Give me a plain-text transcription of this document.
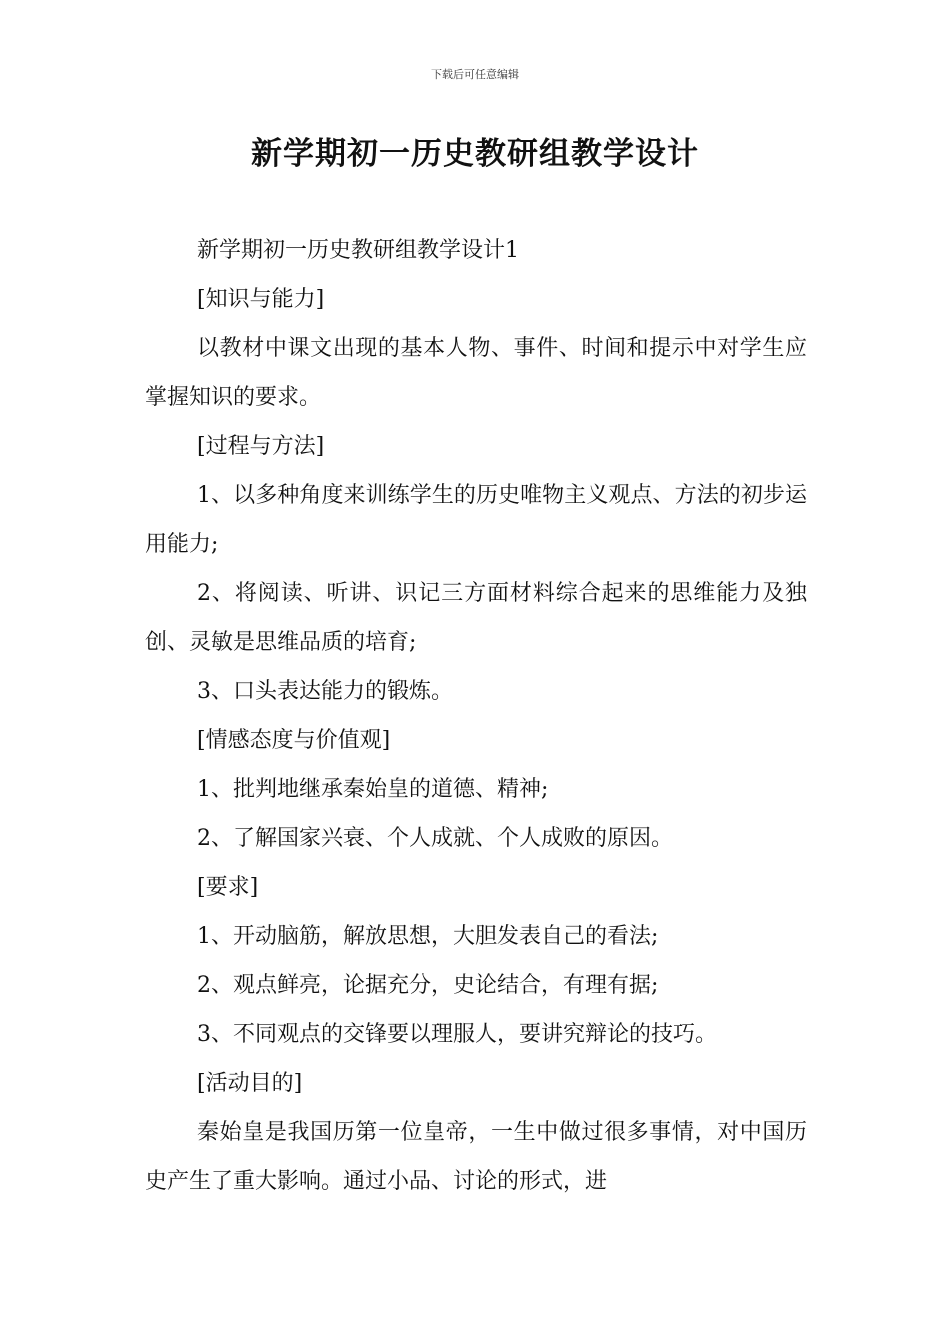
下载后可任意编辑
新学期初一历史教研组教学设计

新学期初一历史教研组教学设计1

[知识与能力]

以教材中课文出现的基本人物、事件、时间和提示中对学生应掌握知识的要求。

[过程与方法]

1、以多种角度来训练学生的历史唯物主义观点、方法的初步运用能力;

2、将阅读、听讲、识记三方面材料综合起来的思维能力及独创、灵敏是思维品质的培育;

3、口头表达能力的锻炼。

[情感态度与价值观]

1、批判地继承秦始皇的道德、精神;

2、了解国家兴衰、个人成就、个人成败的原因。

[要求]

1、开动脑筋，解放思想，大胆发表自己的看法;

2、观点鲜亮，论据充分，史论结合，有理有据;

3、不同观点的交锋要以理服人，要讲究辩论的技巧。

[活动目的]

秦始皇是我国历第一位皇帝，一生中做过很多事情，对中国历史产生了重大影响。通过小品、讨论的形式，进
